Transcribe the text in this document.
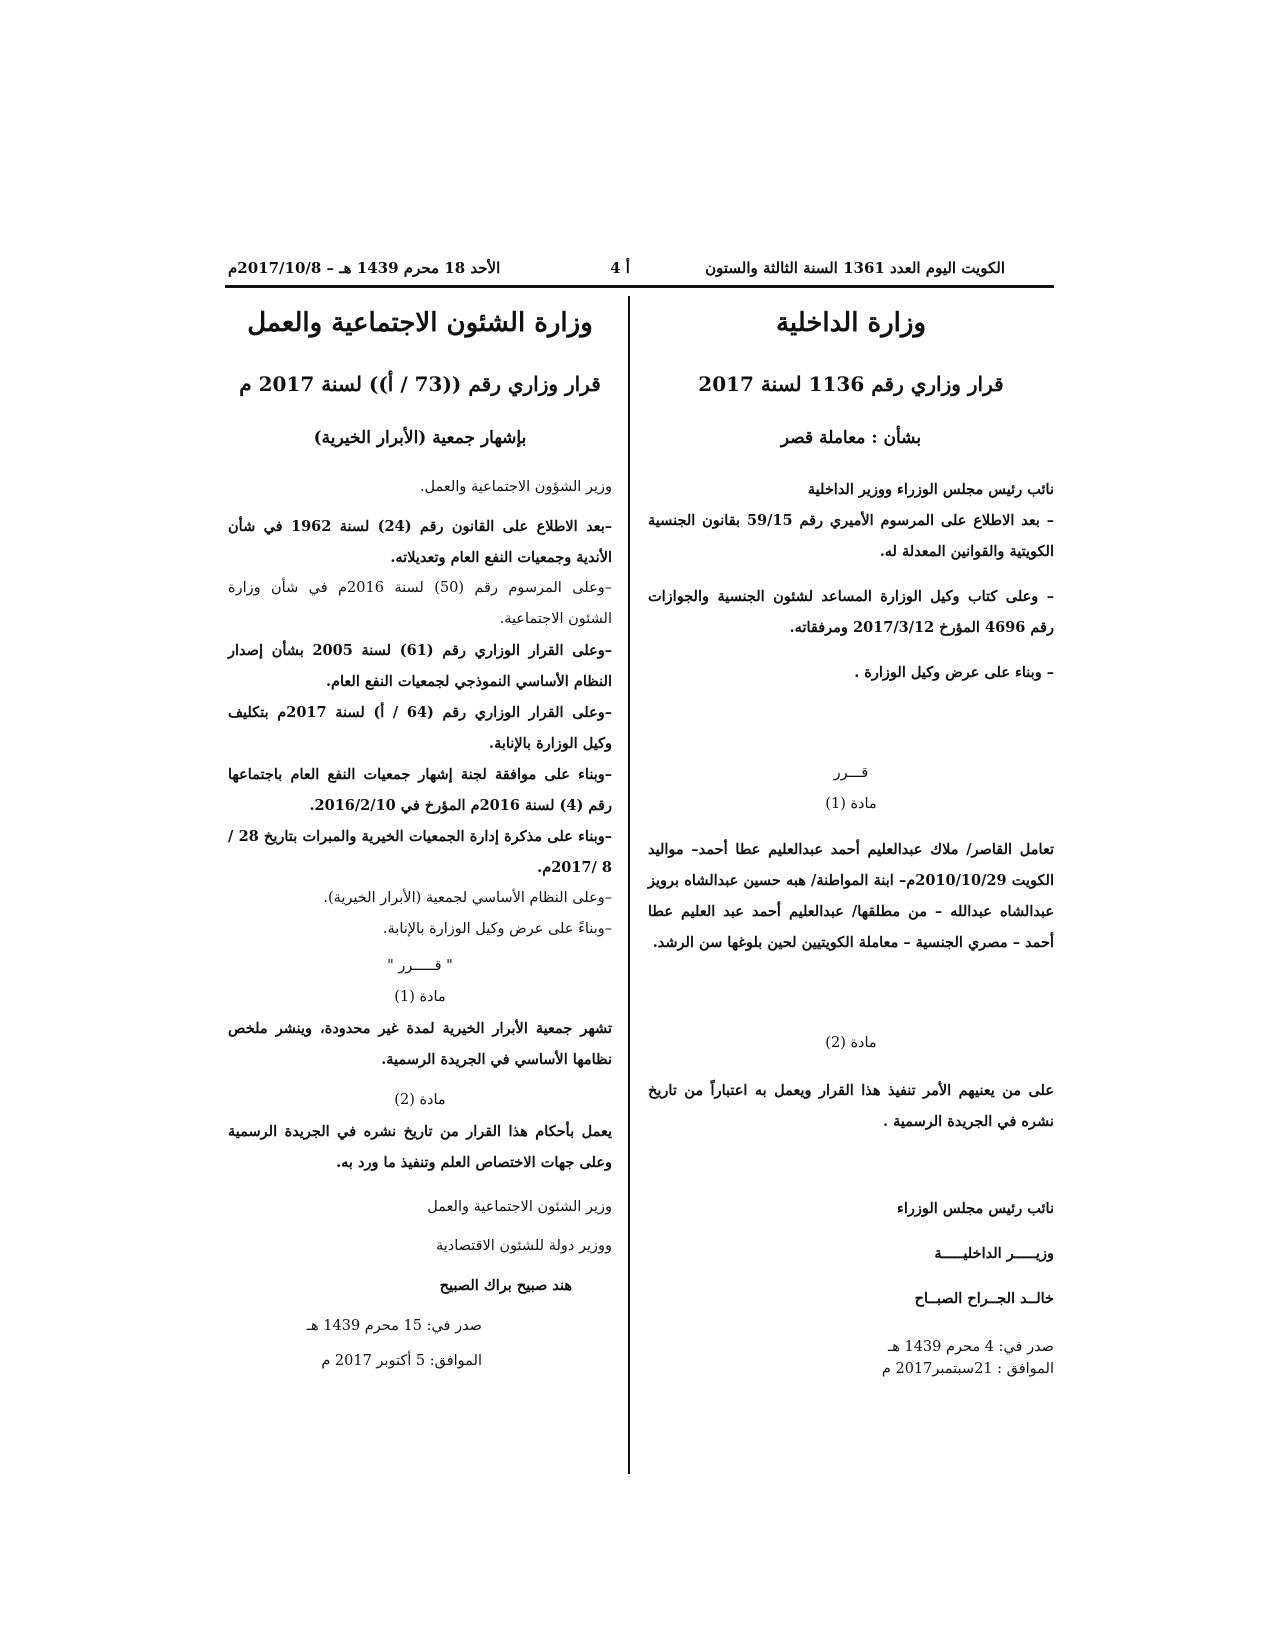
الكويت اليوم العدد 1361 السنة الثالثة والستون
أ 4
الأحد 18 محرم 1439 هـ – 2017/10/8م
وزارة الداخلية
قرار وزاري رقم 1136 لسنة 2017
بشأن : معاملة قصر
نائب رئيس مجلس الوزراء ووزير الداخلية
– بعد الاطلاع على المرسوم الأميري رقم 59/15 بقانون الجنسية الكويتية والقوانين المعدلة له.
– وعلى كتاب وكيل الوزارة المساعد لشئون الجنسية والجوازات رقم 4696 المؤرخ 2017/3/12 ومرفقاته.
– وبناء على عرض وكيل الوزارة .
قـــرر
مادة (1)
تعامل القاصر/ ملاك عبدالعليم أحمد عبدالعليم عطا أحمد– مواليد الكويت 2010/10/29م– ابنة المواطنة/ هبه حسين عبدالشاه برويز عبدالشاه عبدالله – من مطلقها/ عبدالعليم أحمد عبد العليم عطا أحمد – مصري الجنسية – معاملة الكويتيين لحين بلوغها سن الرشد.
مادة (2)
على من يعنيهم الأمر تنفيذ هذا القرار ويعمل به اعتباراً من تاريخ نشره في الجريدة الرسمية .
نائب رئيس مجلس الوزراء
وزيـــــر الداخليـــــة
خالــد الجــراح الصبــاح
صدر في: 4 محرم 1439 هـ
الموافق : 21سبتمبر2017 م
وزارة الشئون الاجتماعية والعمل
قرار وزاري رقم ((73 / أ)) لسنة 2017 م
بإشهار جمعية (الأبرار الخيرية)
وزير الشؤون الاجتماعية والعمل.
–بعد الاطلاع على القانون رقم (24) لسنة 1962 في شأن الأندية وجمعيات النفع العام وتعديلاته.
–وعلى المرسوم رقم (50) لسنة 2016م في شأن وزارة الشئون الاجتماعية.
–وعلى القرار الوزاري رقم (61) لسنة 2005 بشأن إصدار النظام الأساسي النموذجي لجمعيات النفع العام.
–وعلى القرار الوزاري رقم (64 / أ) لسنة 2017م بتكليف وكيل الوزارة بالإنابة.
–وبناء على موافقة لجنة إشهار جمعيات النفع العام باجتماعها رقم (4) لسنة 2016م المؤرخ في 2016/2/10.
–وبناء على مذكرة إدارة الجمعيات الخيرية والمبرات بتاريخ 28 / 8 /2017م.
–وعلى النظام الأساسي لجمعية (الأبرار الخيرية).
–وبناءً على عرض وكيل الوزارة بالإنابة.
" قـــــرر "
مادة (1)
تشهر جمعية الأبرار الخيرية لمدة غير محدودة، وينشر ملخص نظامها الأساسي في الجريدة الرسمية.
مادة (2)
يعمل بأحكام هذا القرار من تاريخ نشره في الجريدة الرسمية وعلى جهات الاختصاص العلم وتنفيذ ما ورد به.
وزير الشئون الاجتماعية والعمل
ووزير دولة للشئون الاقتصادية
هند صبيح براك الصبيح
صدر في: 15 محرم 1439 هـ
الموافق: 5 أكتوبر 2017 م
